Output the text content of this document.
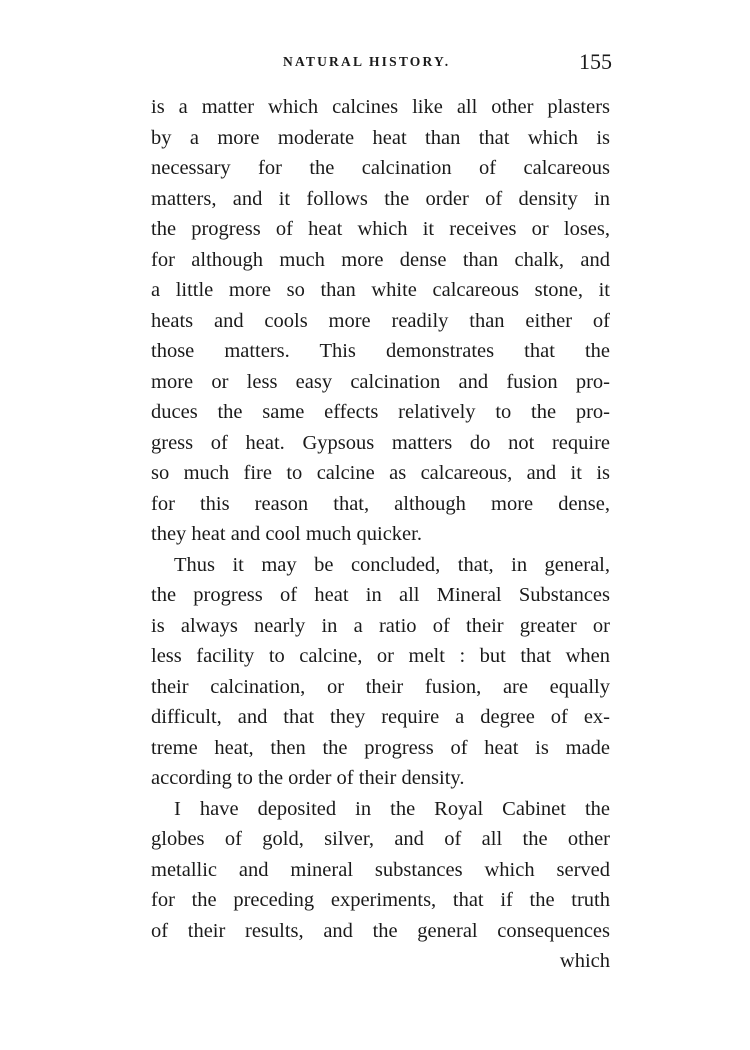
NATURAL HISTORY.	155
is a matter which calcines like all other plasters
by a more moderate heat than that which is
necessary for the calcination of calcareous
matters, and it follows the order of density in
the progress of heat which it receives or loses,
for although much more dense than chalk, and
a little more so than white calcareous stone, it
heats and cools more readily than either of
those matters. This demonstrates that the
more or less easy calcination and fusion pro-
duces the same effects relatively to the pro-
gress of heat. Gypsous matters do not require
so much fire to calcine as calcareous, and it is
for this reason that, although more dense,
they heat and cool much quicker.
Thus it may be concluded, that, in general,
the progress of heat in all Mineral Substances
is always nearly in a ratio of their greater or
less facility to calcine, or melt : but that when
their calcination, or their fusion, are equally
difficult, and that they require a degree of ex-
treme heat, then the progress of heat is made
according to the order of their density.
I have deposited in the Royal Cabinet the
globes of gold, silver, and of all the other
metallic and mineral substances which served
for the preceding experiments, that if the truth
of their results, and the general consequences
which
